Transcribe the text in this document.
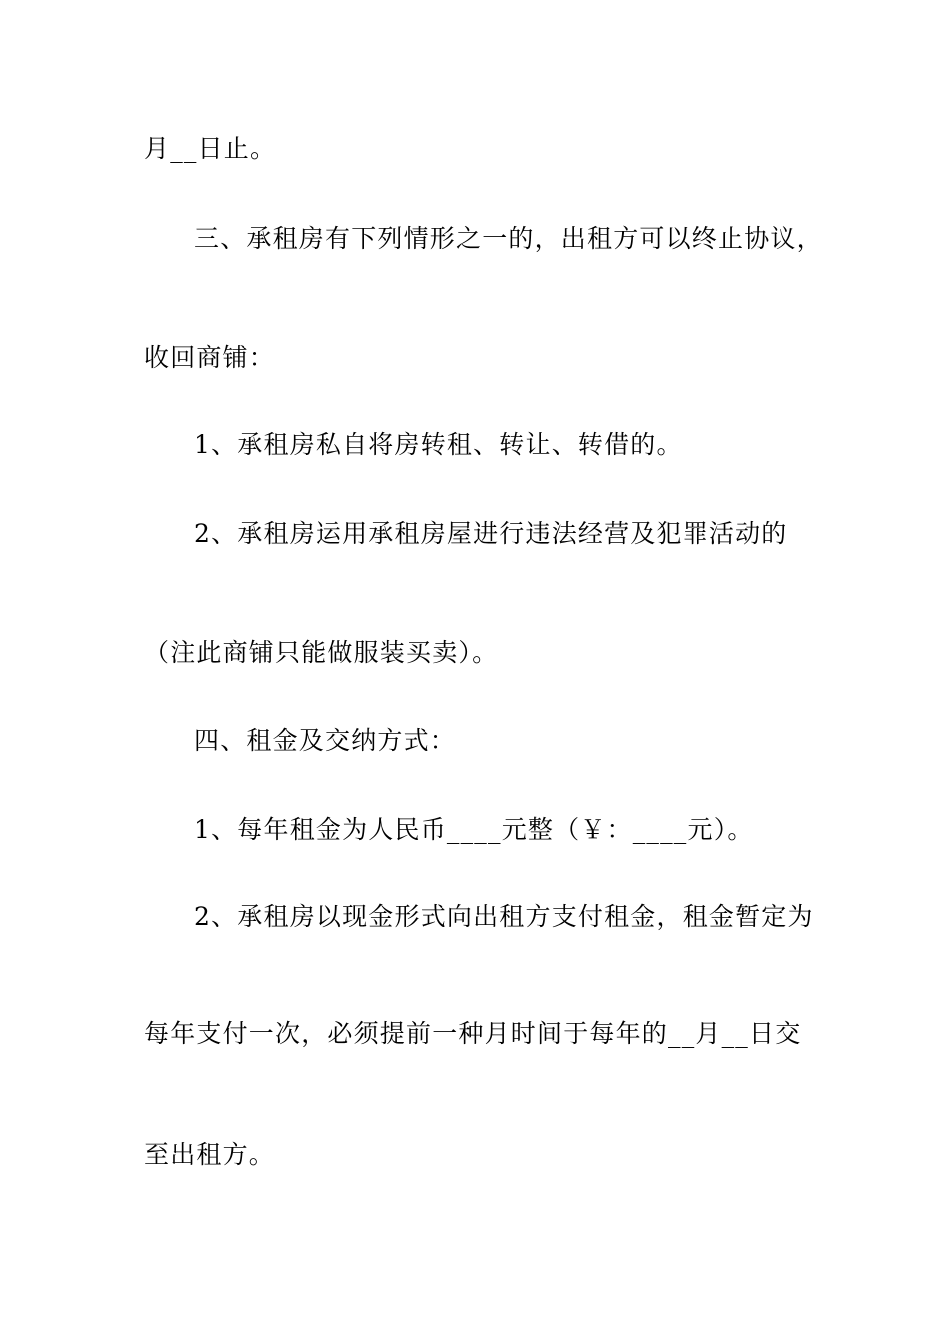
月__日止。

三、承租房有下列情形之一的，出租方可以终止协议，

收回商铺：

1、承租房私自将房转租、转让、转借的。

2、承租房运用承租房屋进行违法经营及犯罪活动的

（注此商铺只能做服装买卖）。

四、租金及交纳方式：

1、每年租金为人民币____元整（￥：____元）。

2、承租房以现金形式向出租方支付租金，租金暂定为

每年支付一次，必须提前一种月时间于每年的__月__日交

至出租方。
